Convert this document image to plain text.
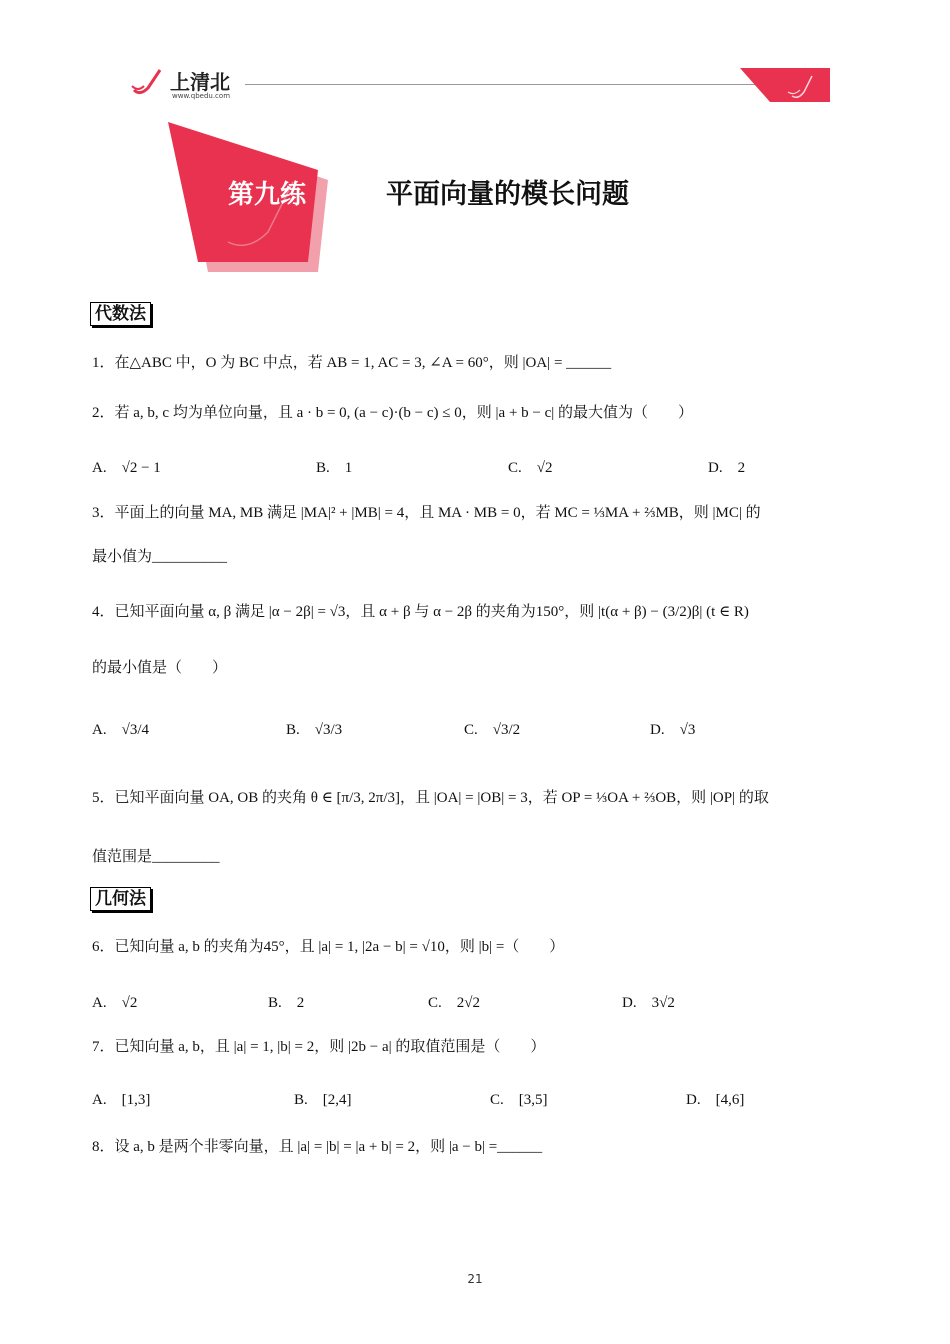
上清北
www.qbedu.com
第九练	平面向量的模长问题
代数法
1．在△ABC 中，O 为 BC 中点，若 AB = 1, AC = 3, ∠A = 60°，则 |OA| = ______
2．若 a, b, c 均为单位向量，且 a · b = 0, (a − c)·(b − c) ≤ 0，则 |a + b − c| 的最大值为（　　）
A.　√2 − 1	B.　1	C.　√2	D.　2
3．平面上的向量 MA, MB 满足 |MA|² + |MB| = 4，且 MA · MB = 0，若 MC = ⅓MA + ⅔MB，则 |MC| 的
最小值为__________
4．已知平面向量 α, β 满足 |α − 2β| = √3，且 α + β 与 α − 2β 的夹角为150°，则 |t(α + β) − (3/2)β| (t ∈ R)
的最小值是（　　）
A.　√3/4	B.　√3/3	C.　√3/2	D.　√3
5．已知平面向量 OA, OB 的夹角 θ ∈ [π/3, 2π/3]，且 |OA| = |OB| = 3，若 OP = ⅓OA + ⅔OB，则 |OP| 的取
值范围是_________
几何法
6．已知向量 a, b 的夹角为45°，且 |a| = 1, |2a − b| = √10，则 |b| =（　　）
A.　√2	B.　2	C.　2√2	D.　3√2
7．已知向量 a, b，且 |a| = 1, |b| = 2，则 |2b − a| 的取值范围是（　　）
A.　[1,3]	B.　[2,4]	C.　[3,5]	D.　[4,6]
8．设 a, b 是两个非零向量，且 |a| = |b| = |a + b| = 2，则 |a − b| =______
21
